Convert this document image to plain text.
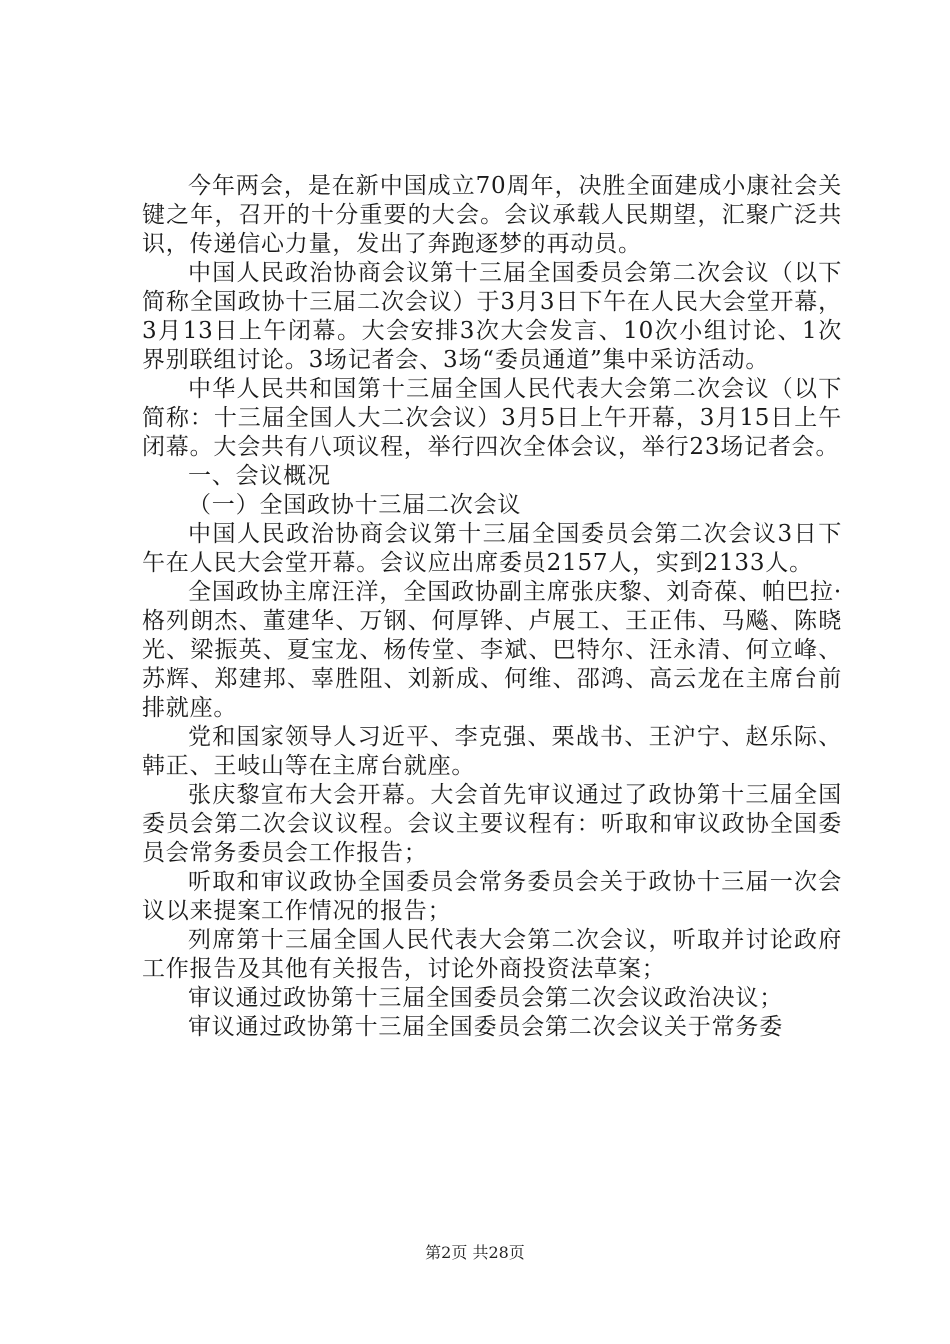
今年两会，是在新中国成立70周年，决胜全面建成小康社会关键之年，召开的十分重要的大会。会议承载人民期望，汇聚广泛共识，传递信心力量，发出了奔跑逐梦的再动员。

中国人民政治协商会议第十三届全国委员会第二次会议（以下简称全国政协十三届二次会议）于3月3日下午在人民大会堂开幕，3月13日上午闭幕。大会安排3次大会发言、10次小组讨论、1次界别联组讨论。3场记者会、3场“委员通道”集中采访活动。

中华人民共和国第十三届全国人民代表大会第二次会议（以下简称：十三届全国人大二次会议）3月5日上午开幕，3月15日上午闭幕。大会共有八项议程，举行四次全体会议，举行23场记者会。

一、会议概况

（一）全国政协十三届二次会议

中国人民政治协商会议第十三届全国委员会第二次会议3日下午在人民大会堂开幕。会议应出席委员2157人，实到2133人。

全国政协主席汪洋，全国政协副主席张庆黎、刘奇葆、帕巴拉·格列朗杰、董建华、万钢、何厚铧、卢展工、王正伟、马飚、陈晓光、梁振英、夏宝龙、杨传堂、李斌、巴特尔、汪永清、何立峰、苏辉、郑建邦、辜胜阻、刘新成、何维、邵鸿、高云龙在主席台前排就座。

党和国家领导人习近平、李克强、栗战书、王沪宁、赵乐际、韩正、王岐山等在主席台就座。

张庆黎宣布大会开幕。大会首先审议通过了政协第十三届全国委员会第二次会议议程。会议主要议程有：听取和审议政协全国委员会常务委员会工作报告；

听取和审议政协全国委员会常务委员会关于政协十三届一次会议以来提案工作情况的报告；

列席第十三届全国人民代表大会第二次会议，听取并讨论政府工作报告及其他有关报告，讨论外商投资法草案；

审议通过政协第十三届全国委员会第二次会议政治决议；

审议通过政协第十三届全国委员会第二次会议关于常务委

第2页 共28页
